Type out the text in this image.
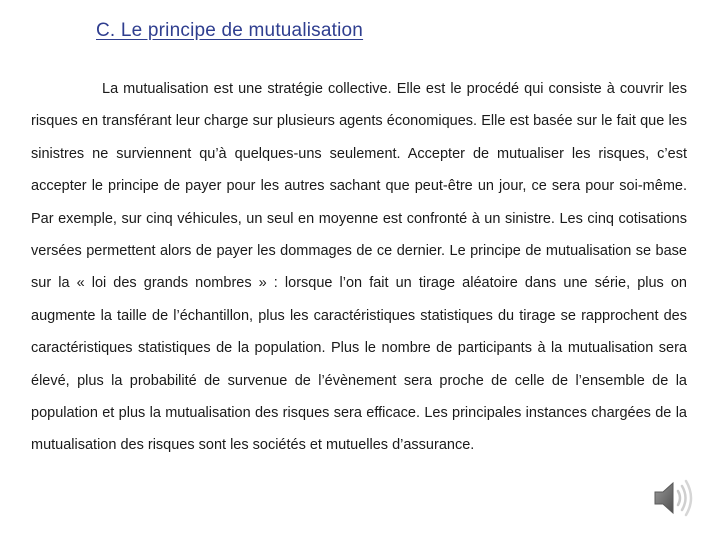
C. Le principe de mutualisation

La mutualisation est une stratégie collective. Elle est le procédé qui consiste à couvrir les risques en transférant leur charge sur plusieurs agents économiques. Elle est basée sur le fait que les sinistres ne surviennent qu’à quelques-uns seulement. Accepter de mutualiser les risques, c’est accepter le principe de payer pour les autres sachant que peut-être un jour, ce sera pour soi-même. Par exemple, sur cinq véhicules, un seul en moyenne est confronté à un sinistre. Les cinq cotisations versées permettent alors de payer les dommages de ce dernier. Le principe de mutualisation se base sur la « loi des grands nombres » : lorsque l’on fait un tirage aléatoire dans une série, plus on augmente la taille de l’échantillon, plus les caractéristiques statistiques du tirage se rapprochent des caractéristiques statistiques de la population. Plus le nombre de participants à la mutualisation sera élevé, plus la probabilité de survenue de l’évènement sera proche de celle de l’ensemble de la population et plus la mutualisation des risques sera efficace. Les principales instances chargées de la mutualisation des risques sont les sociétés et mutuelles d’assurance.
